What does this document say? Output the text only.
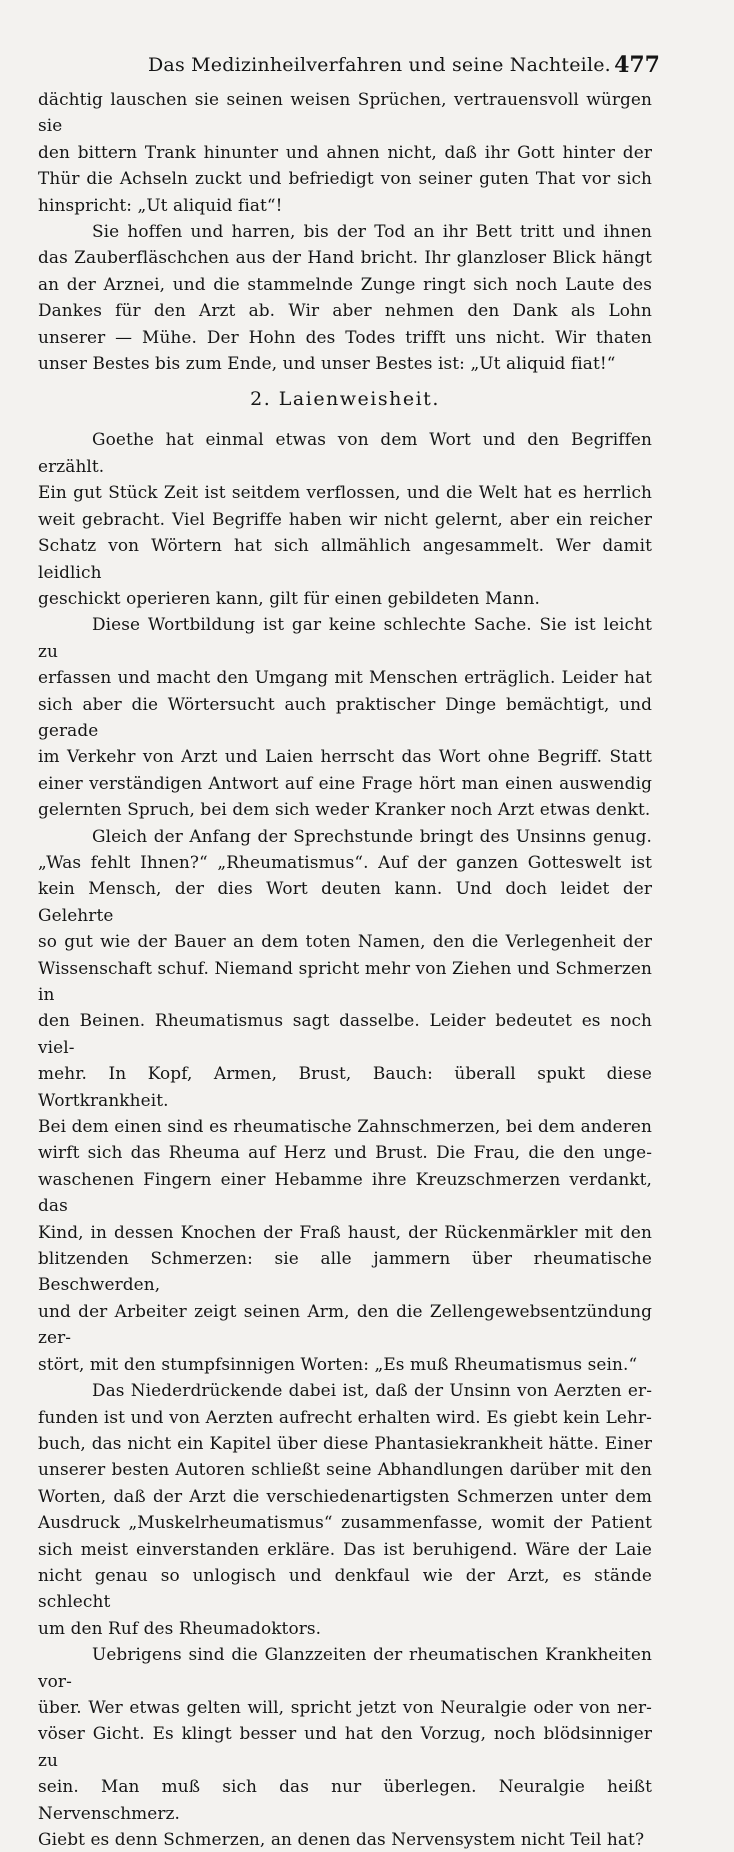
Das Medizinheilverfahren und seine Nachteile. 477

dächtig lauschen sie seinen weisen Sprüchen, vertrauensvoll würgen sie

den bittern Trank hinunter und ahnen nicht, daß ihr Gott hinter der

Thür die Achseln zuckt und befriedigt von seiner guten That vor sich

hinspricht: „Ut aliquid fiat“!

Sie hoffen und harren, bis der Tod an ihr Bett tritt und ihnen

das Zauberfläschchen aus der Hand bricht. Ihr glanzloser Blick hängt

an der Arznei, und die stammelnde Zunge ringt sich noch Laute des

Dankes für den Arzt ab. Wir aber nehmen den Dank als Lohn

unserer — Mühe. Der Hohn des Todes trifft uns nicht. Wir thaten

unser Bestes bis zum Ende, und unser Bestes ist: „Ut aliquid fiat!“

2. Laienweisheit.

Goethe hat einmal etwas von dem Wort und den Begriffen erzählt.

Ein gut Stück Zeit ist seitdem verflossen, und die Welt hat es herrlich

weit gebracht. Viel Begriffe haben wir nicht gelernt, aber ein reicher

Schatz von Wörtern hat sich allmählich angesammelt. Wer damit leidlich

geschickt operieren kann, gilt für einen gebildeten Mann.

Diese Wortbildung ist gar keine schlechte Sache. Sie ist leicht zu

erfassen und macht den Umgang mit Menschen erträglich. Leider hat

sich aber die Wörtersucht auch praktischer Dinge bemächtigt, und gerade

im Verkehr von Arzt und Laien herrscht das Wort ohne Begriff. Statt

einer verständigen Antwort auf eine Frage hört man einen auswendig

gelernten Spruch, bei dem sich weder Kranker noch Arzt etwas denkt.

Gleich der Anfang der Sprechstunde bringt des Unsinns genug.

„Was fehlt Ihnen?“ „Rheumatismus“. Auf der ganzen Gotteswelt ist

kein Mensch, der dies Wort deuten kann. Und doch leidet der Gelehrte

so gut wie der Bauer an dem toten Namen, den die Verlegenheit der

Wissenschaft schuf. Niemand spricht mehr von Ziehen und Schmerzen in

den Beinen. Rheumatismus sagt dasselbe. Leider bedeutet es noch viel-

mehr. In Kopf, Armen, Brust, Bauch: überall spukt diese Wortkrankheit.

Bei dem einen sind es rheumatische Zahnschmerzen, bei dem anderen

wirft sich das Rheuma auf Herz und Brust. Die Frau, die den unge-

waschenen Fingern einer Hebamme ihre Kreuzschmerzen verdankt, das

Kind, in dessen Knochen der Fraß haust, der Rückenmärkler mit den

blitzenden Schmerzen: sie alle jammern über rheumatische Beschwerden,

und der Arbeiter zeigt seinen Arm, den die Zellengewebsentzündung zer-

stört, mit den stumpfsinnigen Worten: „Es muß Rheumatismus sein.“

Das Niederdrückende dabei ist, daß der Unsinn von Aerzten er-

funden ist und von Aerzten aufrecht erhalten wird. Es giebt kein Lehr-

buch, das nicht ein Kapitel über diese Phantasiekrankheit hätte. Einer

unserer besten Autoren schließt seine Abhandlungen darüber mit den

Worten, daß der Arzt die verschiedenartigsten Schmerzen unter dem

Ausdruck „Muskelrheumatismus“ zusammenfasse, womit der Patient

sich meist einverstanden erkläre. Das ist beruhigend. Wäre der Laie

nicht genau so unlogisch und denkfaul wie der Arzt, es stände schlecht

um den Ruf des Rheumadoktors.

Uebrigens sind die Glanzzeiten der rheumatischen Krankheiten vor-

über. Wer etwas gelten will, spricht jetzt von Neuralgie oder von ner-

vöser Gicht. Es klingt besser und hat den Vorzug, noch blödsinniger zu

sein. Man muß sich das nur überlegen. Neuralgie heißt Nervenschmerz.

Giebt es denn Schmerzen, an denen das Nervensystem nicht Teil hat?
